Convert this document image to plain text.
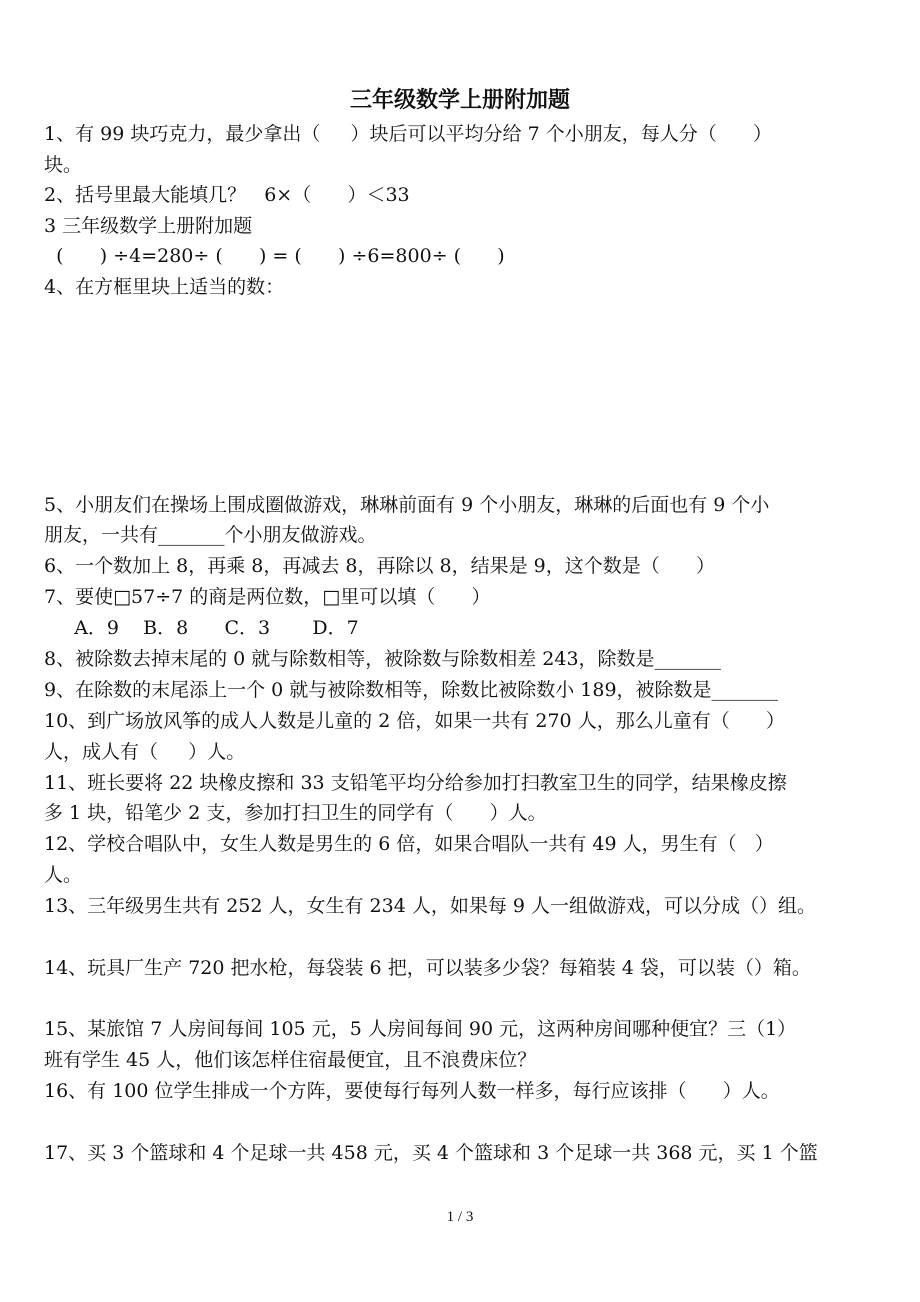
三年级数学上册附加题
1、有 99 块巧克力，最少拿出（     ）块后可以平均分给 7 个小朋友，每人分（      ）
块。
2、括号里最大能填几？   6×（      ）＜33
3 三年级数学上册附加题
(      ) ÷4=280÷ (      ) = (      ) ÷6=800÷ (      )
4、在方框里块上适当的数：
5、小朋友们在操场上围成圈做游戏，琳琳前面有 9 个小朋友，琳琳的后面也有 9 个小
朋友，一共有_______个小朋友做游戏。
6、一个数加上 8，再乘 8，再减去 8，再除以 8，结果是 9，这个数是（      ）
7、要使□57÷7 的商是两位数，□里可以填（      ）
A．9    B．8      C．3       D．7
8、被除数去掉末尾的 0 就与除数相等，被除数与除数相差 243，除数是_______
9、在除数的末尾添上一个 0 就与被除数相等，除数比被除数小 189，被除数是_______
10、到广场放风筝的成人人数是儿童的 2 倍，如果一共有 270 人，那么儿童有（      ）
人，成人有（     ）人。
11、班长要将 22 块橡皮擦和 33 支铅笔平均分给参加打扫教室卫生的同学，结果橡皮擦
多 1 块，铅笔少 2 支，参加打扫卫生的同学有（      ）人。
12、学校合唱队中，女生人数是男生的 6 倍，如果合唱队一共有 49 人，男生有（   ）
人。
13、三年级男生共有 252 人，女生有 234 人，如果每 9 人一组做游戏，可以分成（）组。
14、玩具厂生产 720 把水枪，每袋装 6 把，可以装多少袋？每箱装 4 袋，可以装（）箱。
15、某旅馆 7 人房间每间 105 元，5 人房间每间 90 元，这两种房间哪种便宜？三（1）
班有学生 45 人，他们该怎样住宿最便宜，且不浪费床位？
16、有 100 位学生排成一个方阵，要使每行每列人数一样多，每行应该排（      ）人。
17、买 3 个篮球和 4 个足球一共 458 元，买 4 个篮球和 3 个足球一共 368 元，买 1 个篮
1 / 3
